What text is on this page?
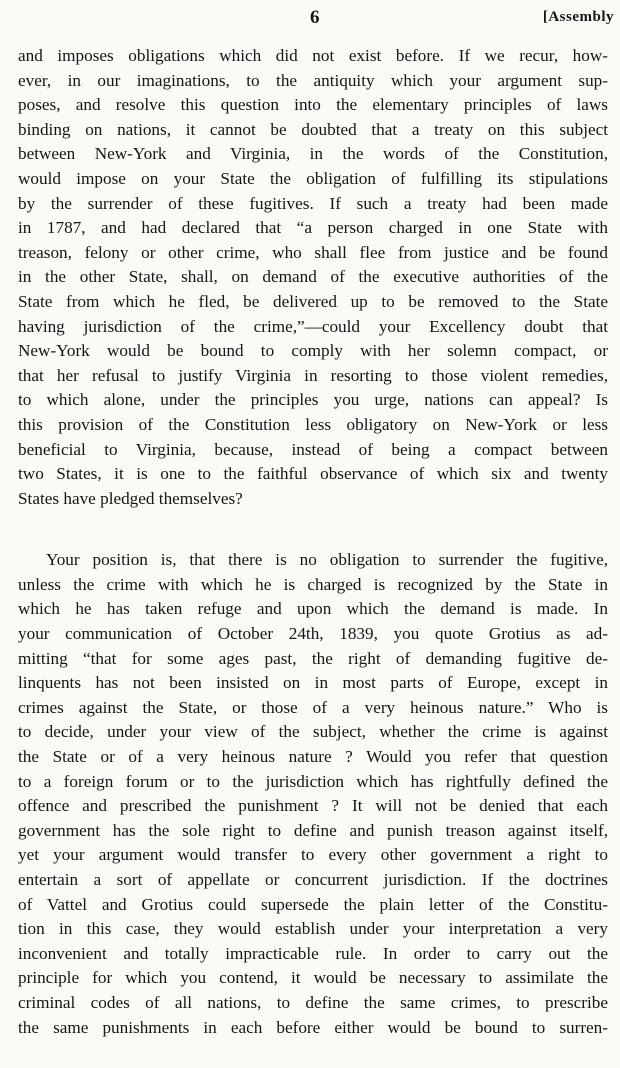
6	[Assembly
and imposes obligations which did not exist before. If we recur, how-
ever, in our imaginations, to the antiquity which your argument sup-
poses, and resolve this question into the elementary principles of laws
binding on nations, it cannot be doubted that a treaty on this subject
between New-York and Virginia, in the words of the Constitution,
would impose on your State the obligation of fulfilling its stipulations
by the surrender of these fugitives. If such a treaty had been made
in 1787, and had declared that “a person charged in one State with
treason, felony or other crime, who shall flee from justice and be found
in the other State, shall, on demand of the executive authorities of the
State from which he fled, be delivered up to be removed to the State
having jurisdiction of the crime,”—could your Excellency doubt that
New-York would be bound to comply with her solemn compact, or
that her refusal to justify Virginia in resorting to those violent remedies,
to which alone, under the principles you urge, nations can appeal? Is
this provision of the Constitution less obligatory on New-York or less
beneficial to Virginia, because, instead of being a compact between
two States, it is one to the faithful observance of which six and twenty
States have pledged themselves?
Your position is, that there is no obligation to surrender the fugitive,
unless the crime with which he is charged is recognized by the State in
which he has taken refuge and upon which the demand is made. In
your communication of October 24th, 1839, you quote Grotius as ad-
mitting “that for some ages past, the right of demanding fugitive de-
linquents has not been insisted on in most parts of Europe, except in
crimes against the State, or those of a very heinous nature.” Who is
to decide, under your view of the subject, whether the crime is against
the State or of a very heinous nature ? Would you refer that question
to a foreign forum or to the jurisdiction which has rightfully defined the
offence and prescribed the punishment ? It will not be denied that each
government has the sole right to define and punish treason against itself,
yet your argument would transfer to every other government a right to
entertain a sort of appellate or concurrent jurisdiction. If the doctrines
of Vattel and Grotius could supersede the plain letter of the Constitu-
tion in this case, they would establish under your interpretation a very
inconvenient and totally impracticable rule. In order to carry out the
principle for which you contend, it would be necessary to assimilate the
criminal codes of all nations, to define the same crimes, to prescribe
the same punishments in each before either would be bound to surren-
